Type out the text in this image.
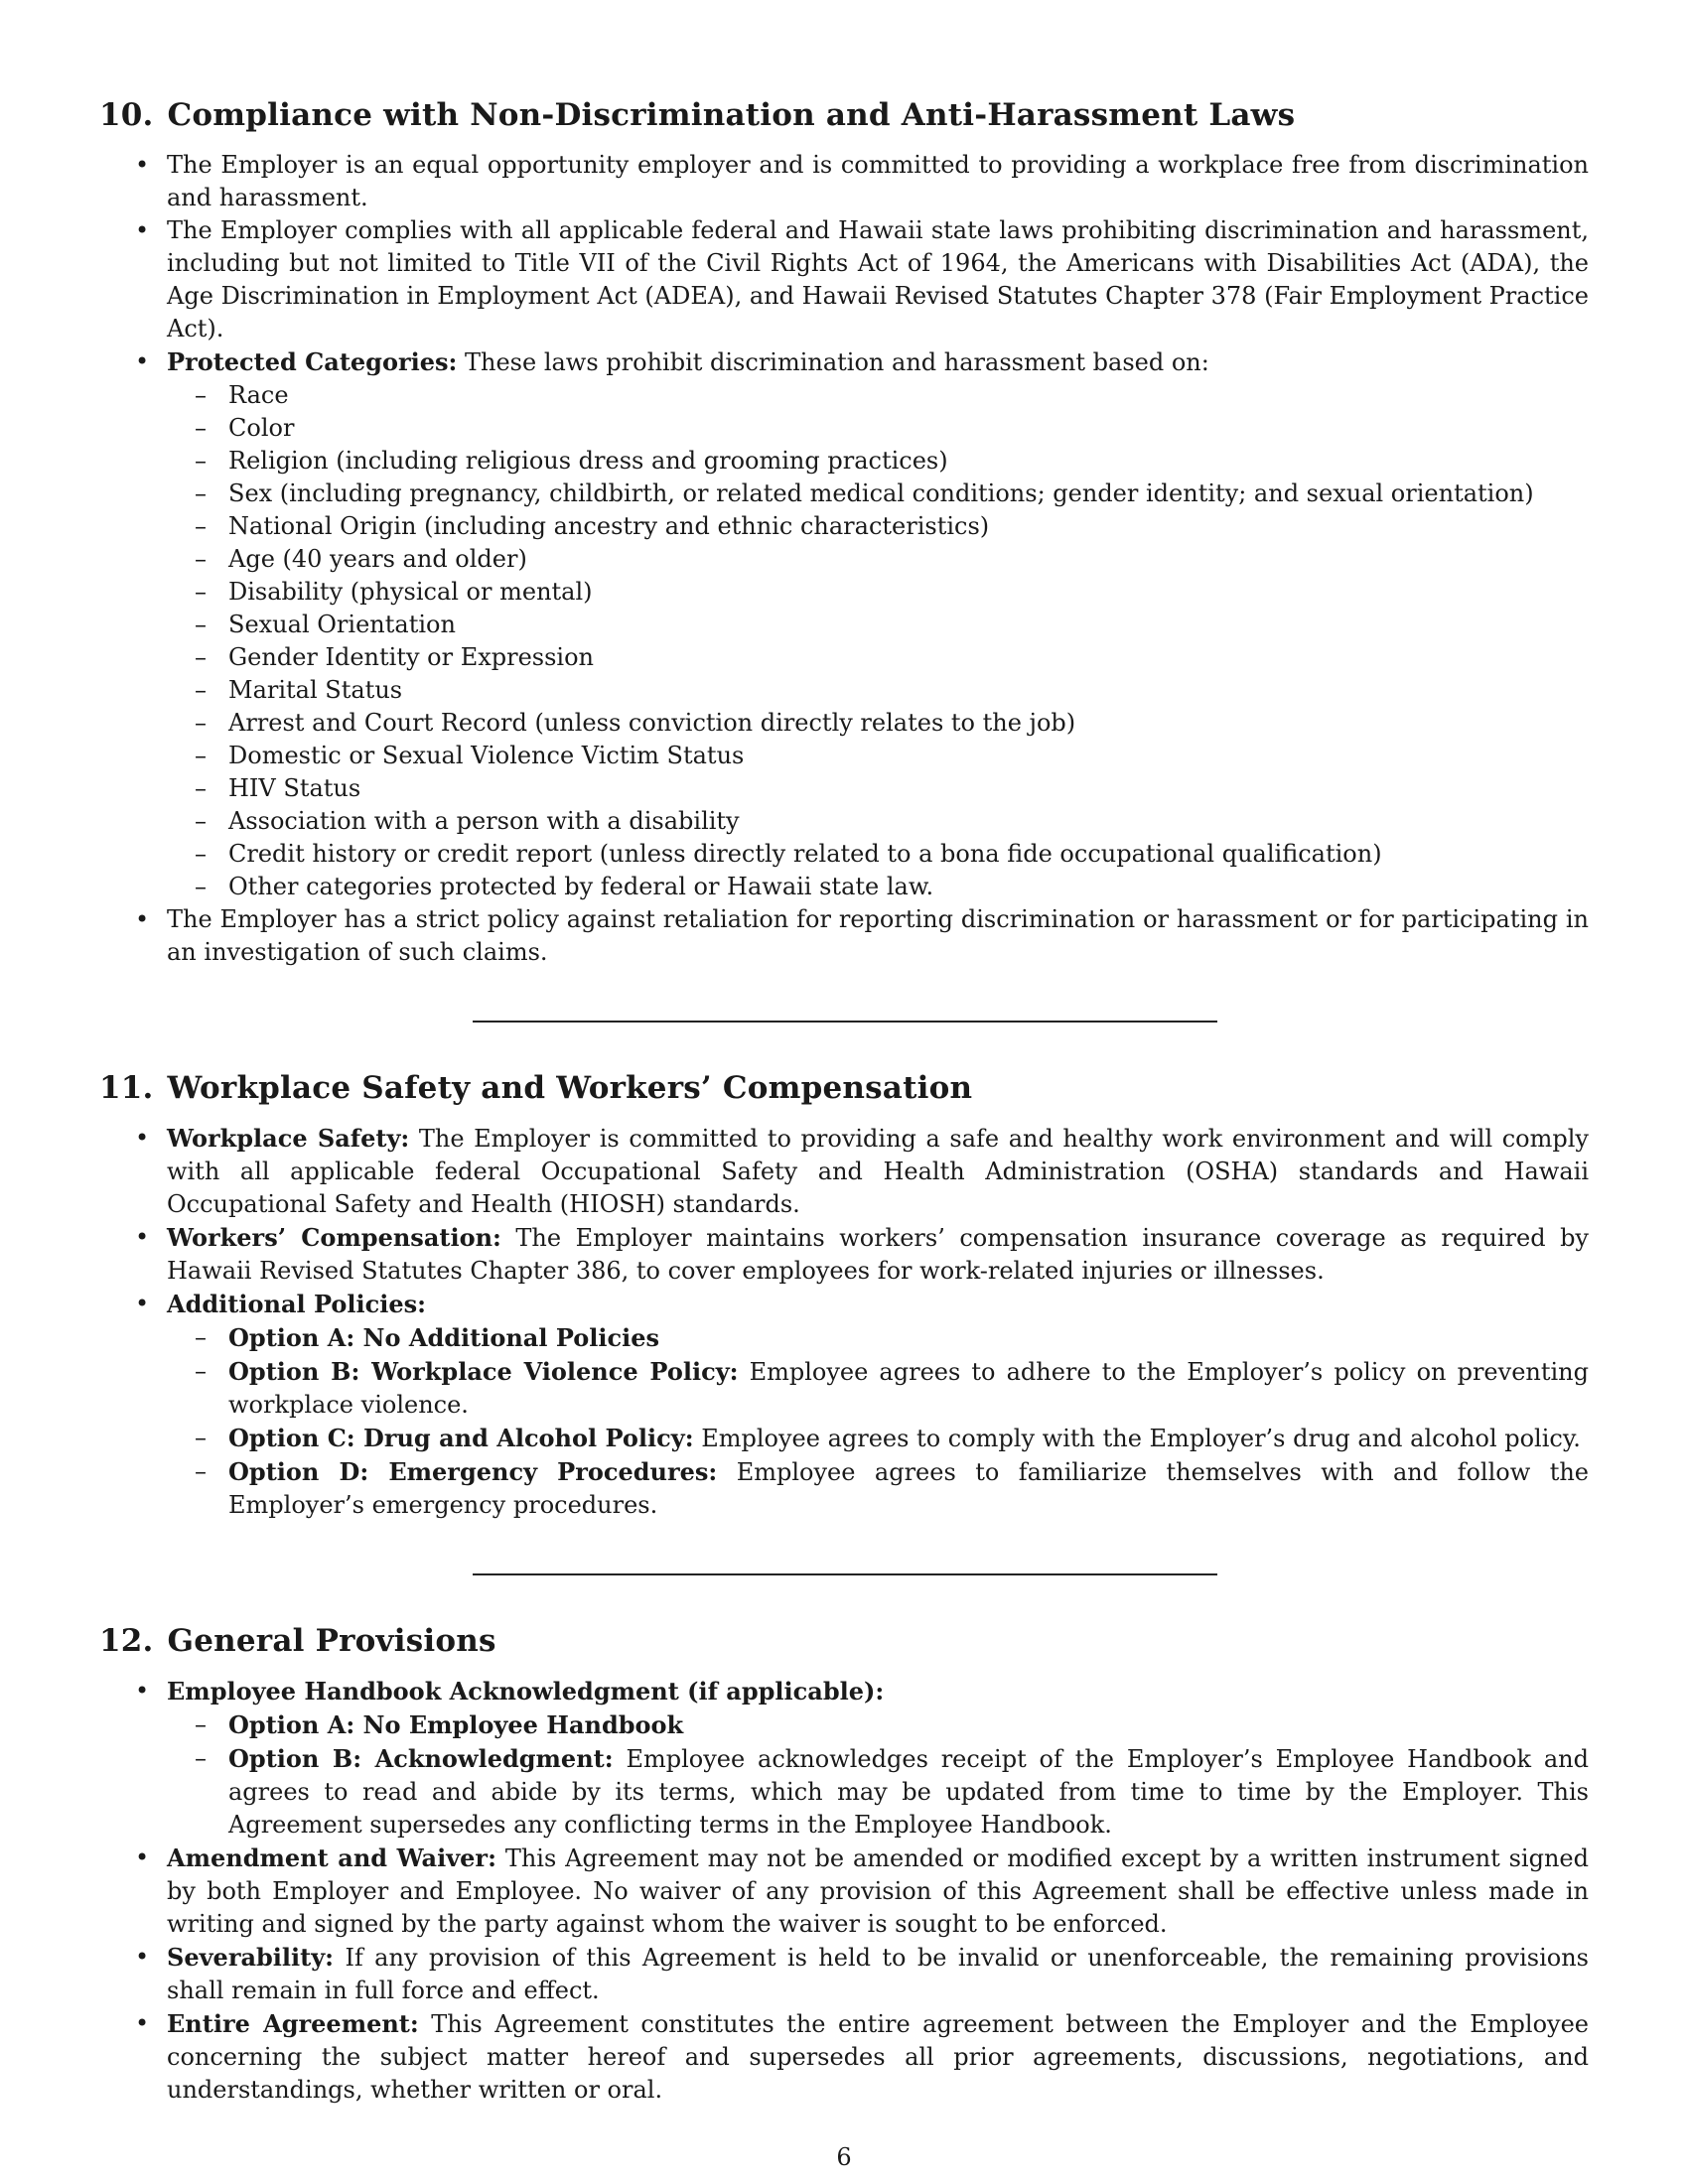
10. Compliance with Non-Discrimination and Anti-Harassment Laws
• The Employer is an equal opportunity employer and is committed to providing a workplace free from discrimination and harassment.
• The Employer complies with all applicable federal and Hawaii state laws prohibiting discrimination and harassment, including but not limited to Title VII of the Civil Rights Act of 1964, the Americans with Disabilities Act (ADA), the Age Discrimination in Employment Act (ADEA), and Hawaii Revised Statutes Chapter 378 (Fair Employment Practice Act).
• Protected Categories: These laws prohibit discrimination and harassment based on:
– Race
– Color
– Religion (including religious dress and grooming practices)
– Sex (including pregnancy, childbirth, or related medical conditions; gender identity; and sexual orientation)
– National Origin (including ancestry and ethnic characteristics)
– Age (40 years and older)
– Disability (physical or mental)
– Sexual Orientation
– Gender Identity or Expression
– Marital Status
– Arrest and Court Record (unless conviction directly relates to the job)
– Domestic or Sexual Violence Victim Status
– HIV Status
– Association with a person with a disability
– Credit history or credit report (unless directly related to a bona fide occupational qualification)
– Other categories protected by federal or Hawaii state law.
• The Employer has a strict policy against retaliation for reporting discrimination or harassment or for participating in an investigation of such claims.
11. Workplace Safety and Workers’ Compensation
• Workplace Safety: The Employer is committed to providing a safe and healthy work environment and will comply with all applicable federal Occupational Safety and Health Administration (OSHA) standards and Hawaii Occupational Safety and Health (HIOSH) standards.
• Workers’ Compensation: The Employer maintains workers’ compensation insurance coverage as required by Hawaii Revised Statutes Chapter 386, to cover employees for work-related injuries or illnesses.
• Additional Policies:
– Option A: No Additional Policies
– Option B: Workplace Violence Policy: Employee agrees to adhere to the Employer’s policy on preventing workplace violence.
– Option C: Drug and Alcohol Policy: Employee agrees to comply with the Employer’s drug and alcohol policy.
– Option D: Emergency Procedures: Employee agrees to familiarize themselves with and follow the Employer’s emergency procedures.
12. General Provisions
• Employee Handbook Acknowledgment (if applicable):
– Option A: No Employee Handbook
– Option B: Acknowledgment: Employee acknowledges receipt of the Employer’s Employee Handbook and agrees to read and abide by its terms, which may be updated from time to time by the Employer. This Agreement supersedes any conflicting terms in the Employee Handbook.
• Amendment and Waiver: This Agreement may not be amended or modified except by a written instrument signed by both Employer and Employee. No waiver of any provision of this Agreement shall be effective unless made in writing and signed by the party against whom the waiver is sought to be enforced.
• Severability: If any provision of this Agreement is held to be invalid or unenforceable, the remaining provisions shall remain in full force and effect.
• Entire Agreement: This Agreement constitutes the entire agreement between the Employer and the Employee concerning the subject matter hereof and supersedes all prior agreements, discussions, negotiations, and understandings, whether written or oral.
6
